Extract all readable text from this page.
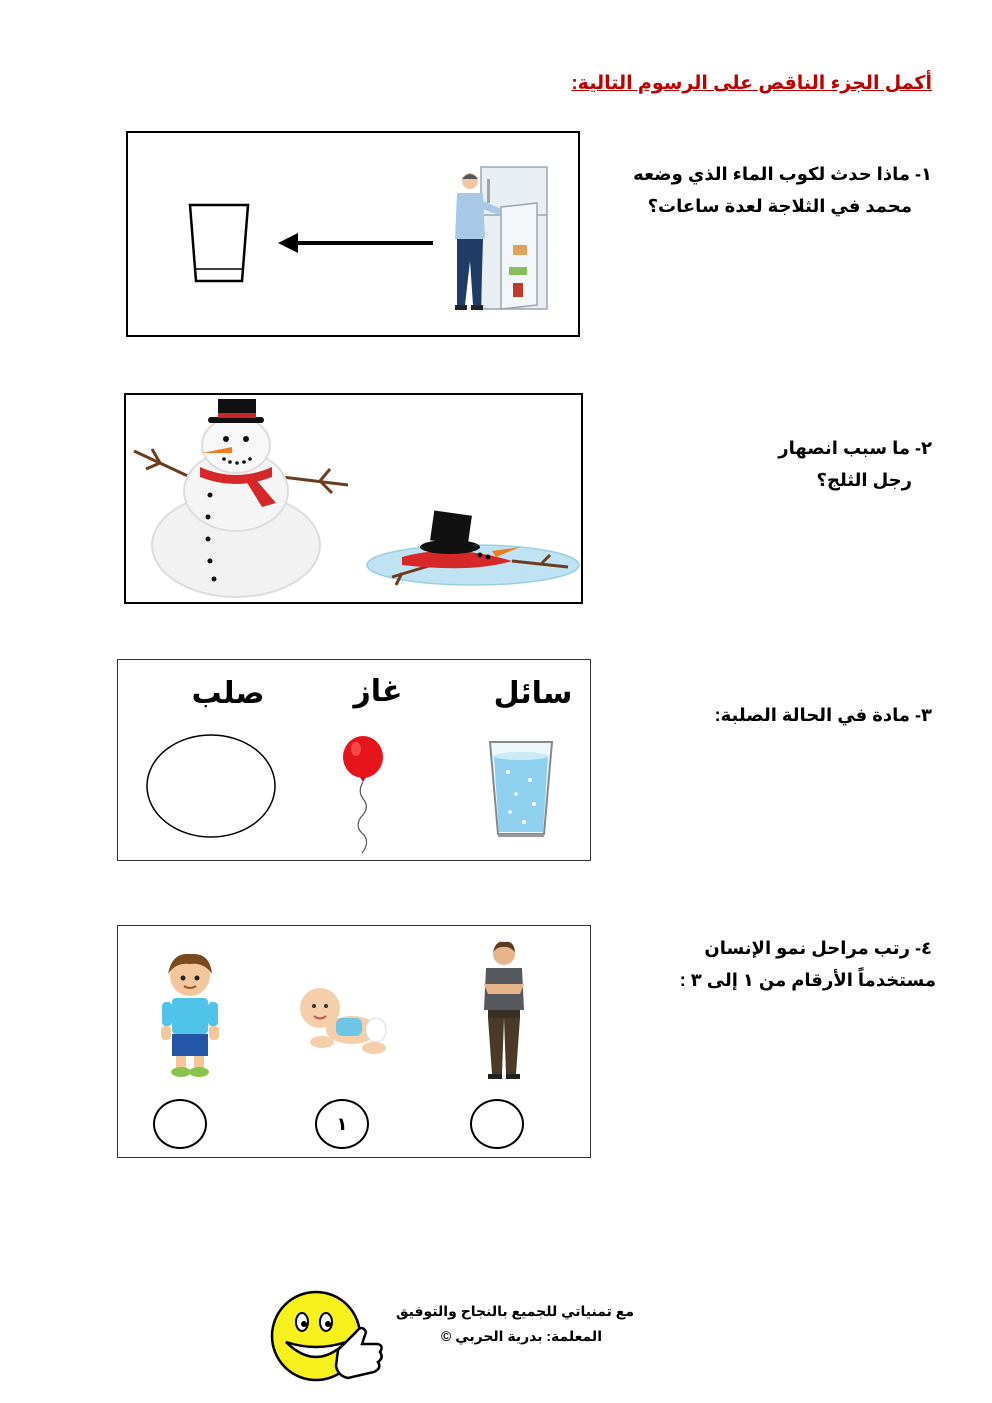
أكمل الجزء الناقص على الرسوم التالية:
١- ماذا حدث لكوب الماء الذي وضعه
محمد في الثلاجة لعدة ساعات؟
٢- ما سبب انصهار
رجل الثلج؟
٣- مادة في الحالة الصلبة:
صلب	غاز	سائل
٤- رتب مراحل نمو الإنسان
مستخدماً الأرقام من ١ إلى ٣ :
١
مع تمنياتي للجميع بالنجاح والتوفيق
المعلمة: بدرية الحربي ©
